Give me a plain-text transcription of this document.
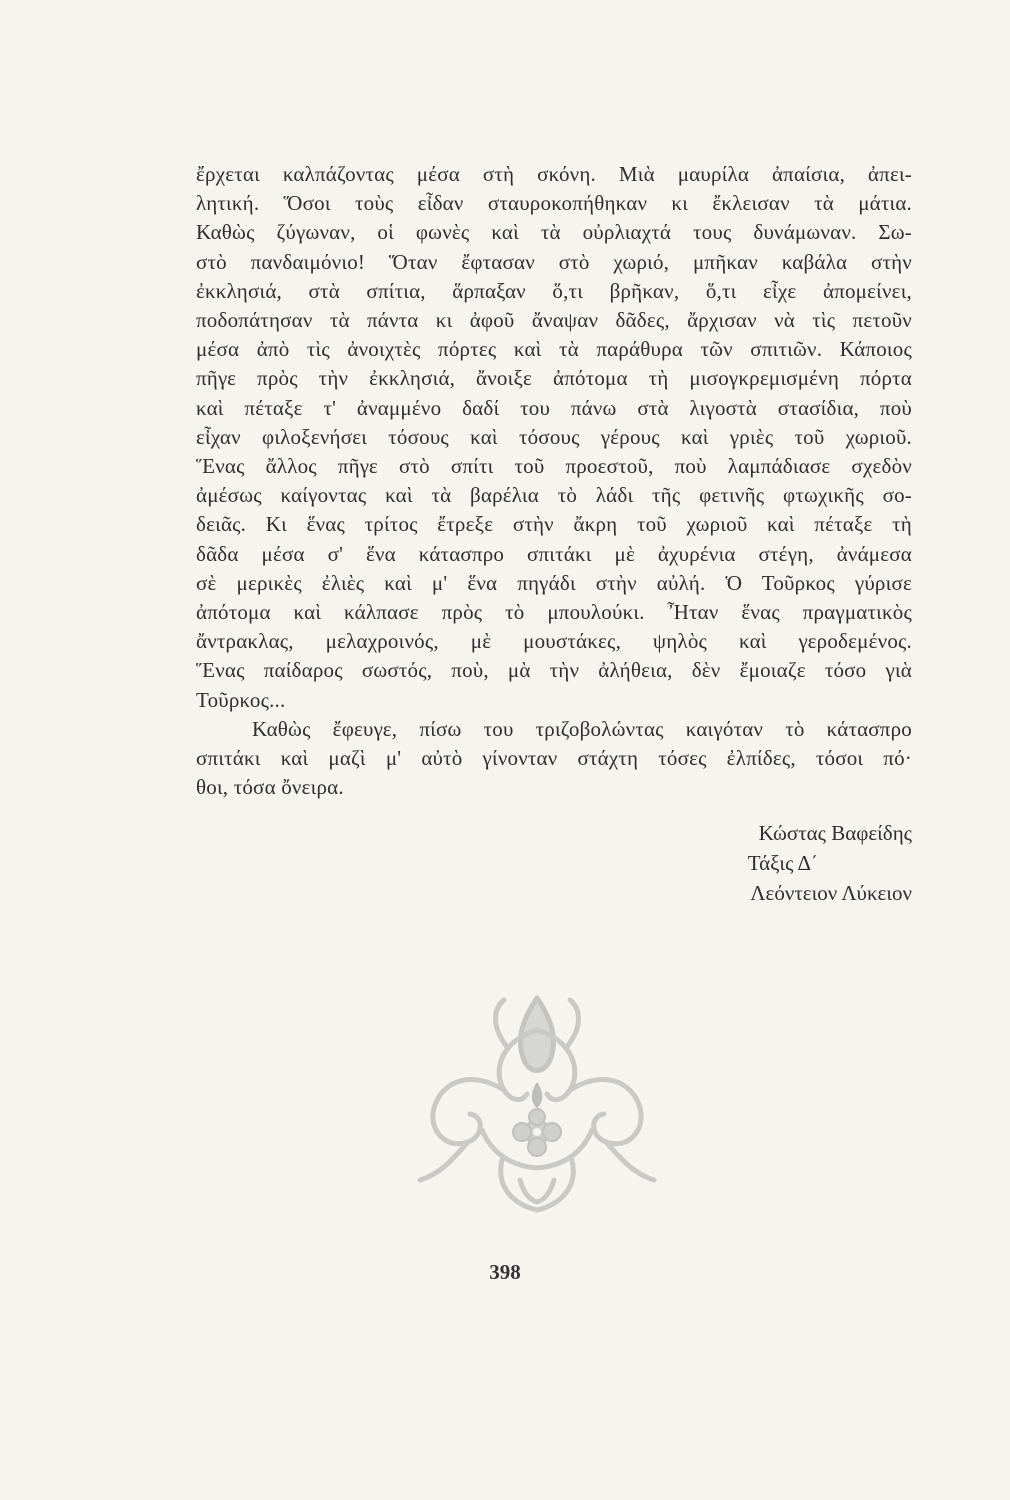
ἔρχεται καλπάζοντας μέσα στὴ σκόνη. Μιὰ μαυρίλα ἀπαίσια, ἀπει-
λητική. Ὅσοι τοὺς εἶδαν σταυροκοπήθηκαν κι ἔκλεισαν τὰ μάτια.
Καθὼς ζύγωναν, οἱ φωνὲς καὶ τὰ οὐρλιαχτά τους δυνάμωναν. Σω-
στὸ πανδαιμόνιο! Ὅταν ἔφτασαν στὸ χωριό, μπῆκαν καβάλα στὴν
ἐκκλησιά, στὰ σπίτια, ἅρπαξαν ὅ,τι βρῆκαν, ὅ,τι εἶχε ἀπομείνει,
ποδοπάτησαν τὰ πάντα κι ἀφοῦ ἄναψαν δᾶδες, ἄρχισαν νὰ τὶς πετοῦν
μέσα ἀπὸ τὶς ἀνοιχτὲς πόρτες καὶ τὰ παράθυρα τῶν σπιτιῶν. Κάποιος
πῆγε πρὸς τὴν ἐκκλησιά, ἄνοιξε ἀπότομα τὴ μισογκρεμισμένη πόρτα
καὶ πέταξε τ' ἀναμμένο δαδί του πάνω στὰ λιγοστὰ στασίδια, ποὺ
εἶχαν φιλοξενήσει τόσους καὶ τόσους γέρους καὶ γριὲς τοῦ χωριοῦ.
Ἕνας ἄλλος πῆγε στὸ σπίτι τοῦ προεστοῦ, ποὺ λαμπάδιασε σχεδὸν
ἀμέσως καίγοντας καὶ τὰ βαρέλια τὸ λάδι τῆς φετινῆς φτωχικῆς σο-
δειᾶς. Κι ἕνας τρίτος ἔτρεξε στὴν ἄκρη τοῦ χωριοῦ καὶ πέταξε τὴ
δᾶδα μέσα σ' ἕνα κάτασπρο σπιτάκι μὲ ἀχυρένια στέγη, ἀνάμεσα
σὲ μερικὲς ἐλιὲς καὶ μ' ἕνα πηγάδι στὴν αὐλή. Ὁ Τοῦρκος γύρισε
ἀπότομα καὶ κάλπασε πρὸς τὸ μπουλούκι. Ἦταν ἕνας πραγματικὸς
ἄντρακλας, μελαχροινός, μὲ μουστάκες, ψηλὸς καὶ γεροδεμένος.
Ἕνας παίδαρος σωστός, ποὺ, μὰ τὴν ἀλήθεια, δὲν ἔμοιαζε τόσο γιὰ
Τοῦρκος...
Καθὼς ἔφευγε, πίσω του τριζοβολώντας καιγόταν τὸ κάτασπρο
σπιτάκι καὶ μαζὶ μ' αὐτὸ γίνονταν στάχτη τόσες ἐλπίδες, τόσοι πό·
θοι, τόσα ὄνειρα.
Κώστας Βαφείδης
Τάξις Δ΄
Λεόντειον Λύκειον
398
